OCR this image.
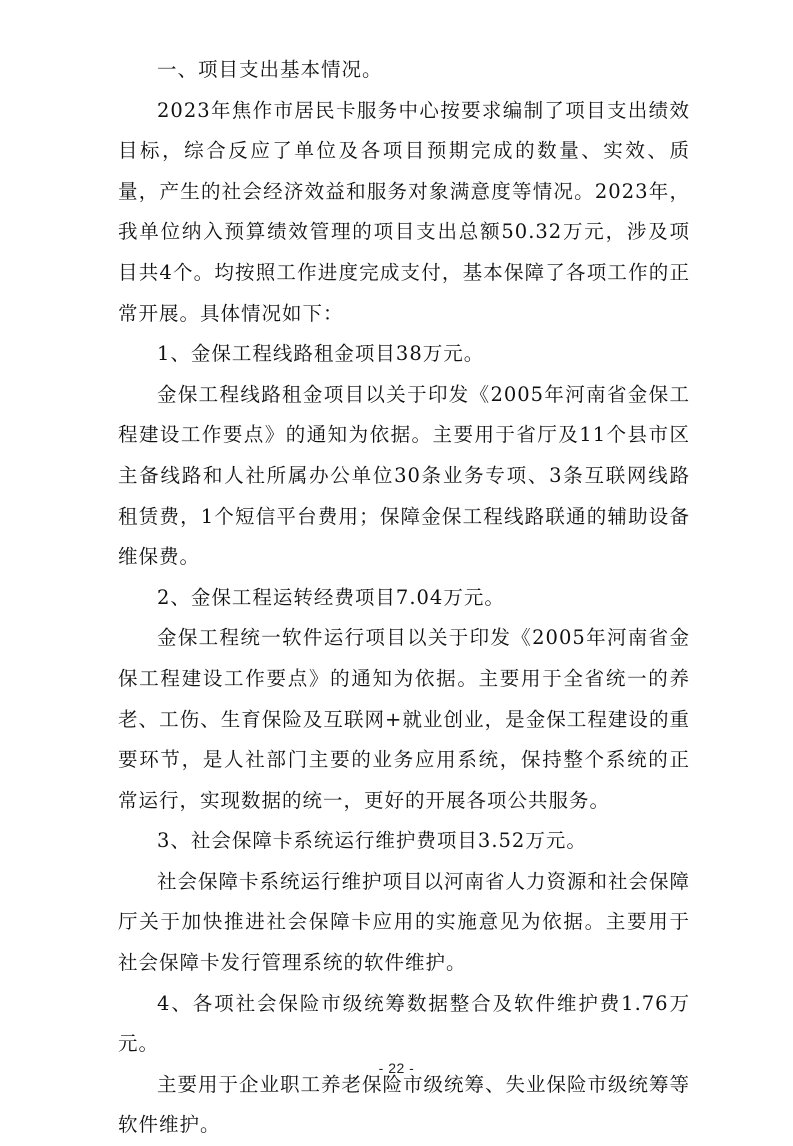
一、项目支出基本情况。

2023年焦作市居民卡服务中心按要求编制了项目支出绩效目标，综合反应了单位及各项目预期完成的数量、实效、质量，产生的社会经济效益和服务对象满意度等情况。2023年，我单位纳入预算绩效管理的项目支出总额50.32万元，涉及项目共4个。均按照工作进度完成支付，基本保障了各项工作的正常开展。具体情况如下：

1、金保工程线路租金项目38万元。

金保工程线路租金项目以关于印发《2005年河南省金保工程建设工作要点》的通知为依据。主要用于省厅及11个县市区主备线路和人社所属办公单位30条业务专项、3条互联网线路租赁费，1个短信平台费用；保障金保工程线路联通的辅助设备维保费。

2、金保工程运转经费项目7.04万元。

金保工程统一软件运行项目以关于印发《2005年河南省金保工程建设工作要点》的通知为依据。主要用于全省统一的养老、工伤、生育保险及互联网+就业创业，是金保工程建设的重要环节，是人社部门主要的业务应用系统，保持整个系统的正常运行，实现数据的统一，更好的开展各项公共服务。

3、社会保障卡系统运行维护费项目3.52万元。

社会保障卡系统运行维护项目以河南省人力资源和社会保障厅关于加快推进社会保障卡应用的实施意见为依据。主要用于社会保障卡发行管理系统的软件维护。

4、各项社会保险市级统筹数据整合及软件维护费1.76万元。

主要用于企业职工养老保险市级统筹、失业保险市级统筹等软件维护。

- 22 -
